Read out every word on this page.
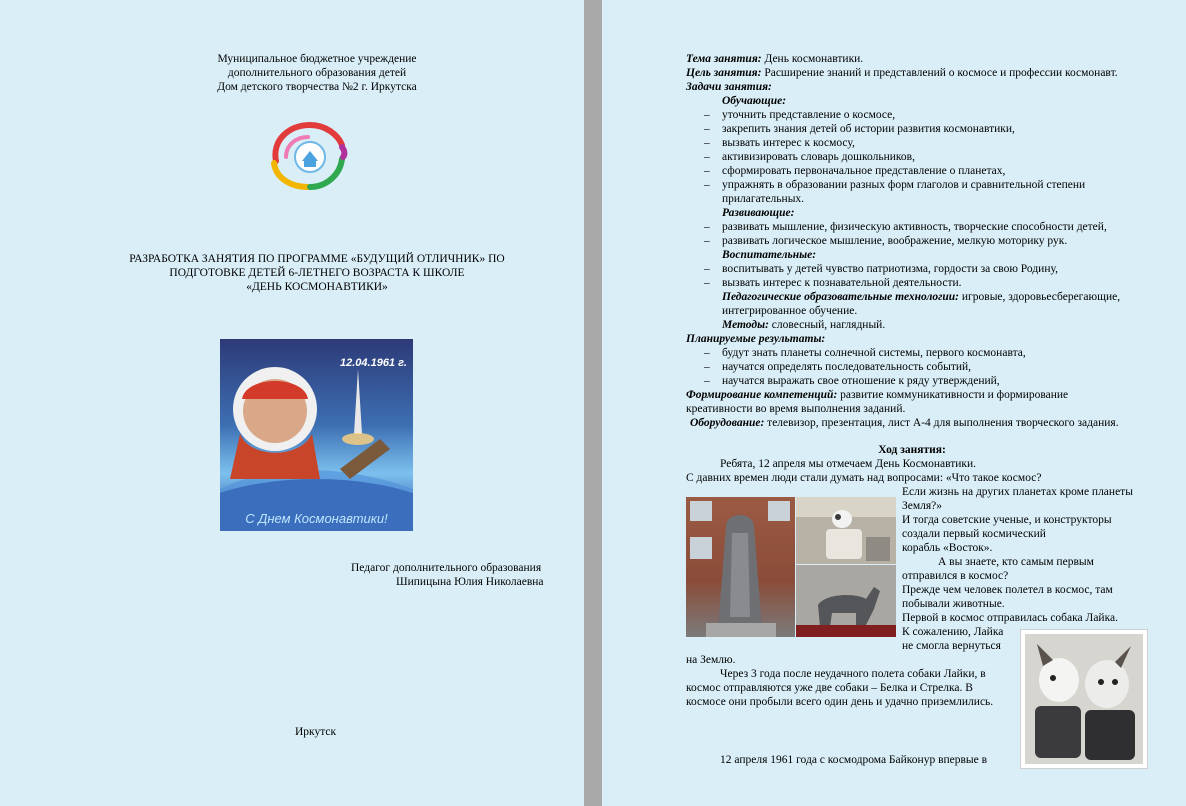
Муниципальное бюджетное учреждение
дополнительного образования детей
Дом детского творчества №2 г. Иркутска
РАЗРАБОТКА ЗАНЯТИЯ ПО ПРОГРАММЕ «БУДУЩИЙ ОТЛИЧНИК» ПО
ПОДГОТОВКЕ ДЕТЕЙ 6-ЛЕТНЕГО ВОЗРАСТА К ШКОЛЕ
«ДЕНЬ КОСМОНАВТИКИ»
12.04.1961 г.
С Днем Космонавтики!
Педагог дополнительного образования
Шипицына Юлия Николаевна
Иркутск
Тема занятия: День космонавтики.
Цель занятия: Расширение знаний и представлений о космосе и профессии космонавт.
Задачи занятия:
Обучающие:
– уточнить представление о космосе,
– закрепить знания детей об истории развития космонавтики,
– вызвать интерес к космосу,
– активизировать словарь дошкольников,
– сформировать первоначальное представление о планетах,
– упражнять в образовании разных форм глаголов и сравнительной степени
прилагательных.
Развивающие:
– развивать мышление, физическую активность, творческие способности детей,
– развивать логическое мышление, воображение, мелкую моторику рук.
Воспитательные:
– воспитывать у детей чувство патриотизма, гордости за свою Родину,
– вызвать интерес к познавательной деятельности.
Педагогические образовательные технологии: игровые, здоровьесберегающие,
интегрированное обучение.
Методы: словесный, наглядный.
Планируемые результаты:
– будут знать планеты солнечной системы, первого космонавта,
– научатся определять последовательность событий,
– научатся выражать свое отношение к ряду утверждений,
Формирование компетенций: развитие коммуникативности и формирование
креативности во время выполнения заданий.
Оборудование: телевизор, презентация, лист А-4 для выполнения творческого задания.
Ход занятия:
Ребята, 12 апреля мы отмечаем День Космонавтики.
С давних времен люди стали думать над вопросами: «Что такое космос?
Если жизнь на других планетах кроме планеты
Земля?»
И тогда советские ученые, и конструкторы
создали первый космический
корабль «Восток».
А вы знаете, кто самым первым
отправился в космос?
Прежде чем человек полетел в космос, там
побывали животные.
Первой в космос отправилась собака Лайка.
К сожалению, Лайка
не смогла вернуться
на Землю.
Через 3 года после неудачного полета собаки Лайки, в
космос отправляются уже две собаки – Белка и Стрелка. В
космосе они пробыли всего один день и удачно приземлились.
12 апреля 1961 года с космодрома Байконур впервые в
